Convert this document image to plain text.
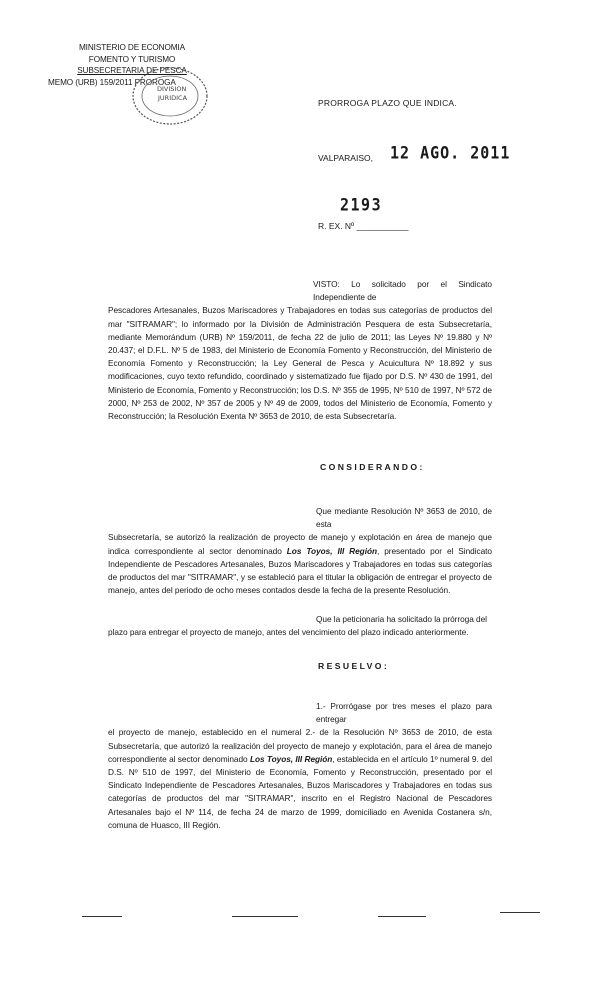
MINISTERIO DE ECONOMIA
FOMENTO Y TURISMO
SUBSECRETARIA DE PESCA
MEMO (URB) 159/2011 PROROGA
DIVISION
JURIDICA	PRORROGA PLAZO QUE INDICA.
VALPARAISO, 12 AGO. 2011
2193
R. EX. Nº ___________
VISTO: Lo solicitado por el Sindicato Independiente de
Pescadores Artesanales, Buzos Mariscadores y Trabajadores en todas sus categorías de productos del mar "SITRAMAR"; lo informado por la División de Administración Pesquera de esta Subsecretaría, mediante Memorándum (URB) Nº 159/2011, de fecha 22 de julio de 2011; las Leyes Nº 19.880 y Nº 20.437; el D.F.L. Nº 5 de 1983, del Ministerio de Economía Fomento y Reconstrucción, del Ministerio de Economía Fomento y Reconstrucción; la Ley General de Pesca y Acuicultura Nº 18.892 y sus modificaciones, cuyo texto refundido, coordinado y sistematizado fue fijado por D.S. Nº 430 de 1991, del Ministerio de Economía, Fomento y Reconstrucción; los D.S. Nº 355 de 1995, Nº 510 de 1997, Nº 572 de 2000, Nº 253 de 2002, Nº 357 de 2005 y Nº 49 de 2009, todos del Ministerio de Economía, Fomento y Reconstrucción; la Resolución Exenta Nº 3653 de 2010, de esta Subsecretaría.
CONSIDERANDO:
Que mediante Resolución Nº 3653 de 2010, de esta
Subsecretaría, se autorizó la realización de proyecto de manejo y explotación en área de manejo que indica correspondiente al sector denominado Los Toyos, III Región, presentado por el Sindicato Independiente de Pescadores Artesanales, Buzos Mariscadores y Trabajadores en todas sus categorías de productos del mar "SITRAMAR", y se estableció para el titular la obligación de entregar el proyecto de manejo, antes del periodo de ocho meses contados desde la fecha de la presente Resolución.
Que la peticionaria ha solicitado la prórroga del
plazo para entregar el proyecto de manejo, antes del vencimiento del plazo indicado anteriormente.
RESUELVO:
1.- Prorrógase por tres meses el plazo para entregar
el proyecto de manejo, establecido en el numeral 2.- de la Resolución Nº 3653 de 2010, de esta Subsecretaría, que autorizó la realización del proyecto de manejo y explotación, para el área de manejo correspondiente al sector denominado Los Toyos, III Región, establecida en el artículo 1º numeral 9. del D.S. Nº 510 de 1997, del Ministerio de Economía, Fomento y Reconstrucción, presentado por el Sindicato Independiente de Pescadores Artesanales, Buzos Mariscadores y Trabajadores en todas sus categorías de productos del mar "SITRAMAR", inscrito en el Registro Nacional de Pescadores Artesanales bajo el Nº 114, de fecha 24 de marzo de 1999, domiciliado en Avenida Costanera s/n, comuna de Huasco, III Región.
